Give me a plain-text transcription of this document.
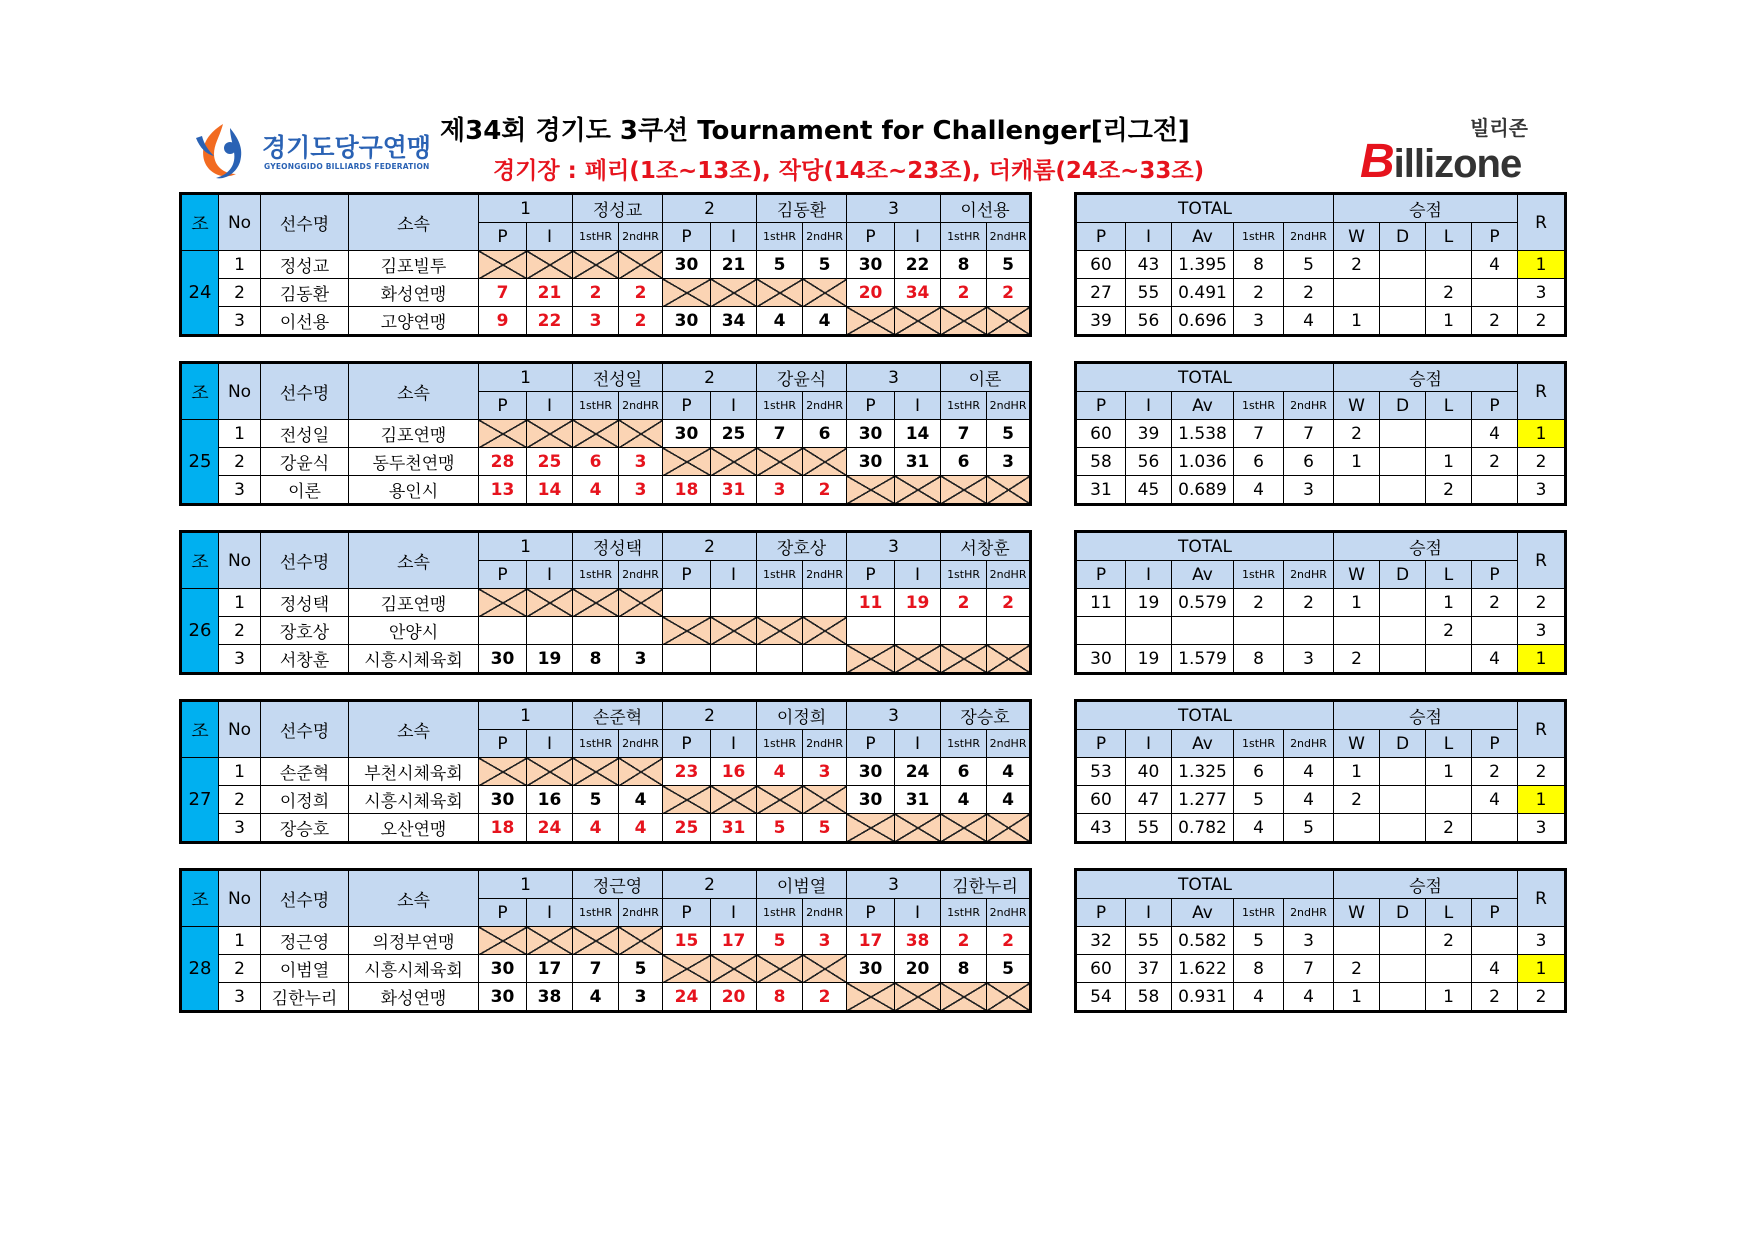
경기도당구연맹
GYEONGGIDO BILLIARDS FEDERATION
제34회 경기도 3쿠션 Tournament for Challenger[리그전]
경기장 : 페리(1조~13조), 작당(14조~23조), 더캐롬(24조~33조)
빌리존
Billizone
조	No	선수명	소속	1		정성교		2		김동환		3		이선용	
				P	I	1stHR	2ndHR	P	I	1stHR	2ndHR	P	I	1stHR	2ndHR
24	1	정성교	김포빌투					30	21	5	5	30	22	8	5
	2	김동환	화성연맹	7	21	2	2					20	34	2	2
	3	이선용	고양연맹	9	22	3	2	30	34	4	4				
TOTAL					승점				R
P	I	Av	1stHR	2ndHR	W	D	L	P	
60	43	1.395	8	5	2			4	1
27	55	0.491	2	2			2		3
39	56	0.696	3	4	1		1	2	2
조	No	선수명	소속	1		전성일		2		강윤식		3		이론	
				P	I	1stHR	2ndHR	P	I	1stHR	2ndHR	P	I	1stHR	2ndHR
25	1	전성일	김포연맹					30	25	7	6	30	14	7	5
	2	강윤식	동두천연맹	28	25	6	3					30	31	6	3
	3	이론	용인시	13	14	4	3	18	31	3	2				
TOTAL					승점				R
P	I	Av	1stHR	2ndHR	W	D	L	P	
60	39	1.538	7	7	2			4	1
58	56	1.036	6	6	1		1	2	2
31	45	0.689	4	3			2		3
조	No	선수명	소속	1		정성택		2		장호상		3		서창훈	
				P	I	1stHR	2ndHR	P	I	1stHR	2ndHR	P	I	1stHR	2ndHR
26	1	정성택	김포연맹									11	19	2	2
	2	장호상	안양시												
	3	서창훈	시흥시체육회	30	19	8	3								
TOTAL					승점				R
P	I	Av	1stHR	2ndHR	W	D	L	P	
11	19	0.579	2	2	1		1	2	2
							2		3
30	19	1.579	8	3	2			4	1
조	No	선수명	소속	1		손준혁		2		이정희		3		장승호	
				P	I	1stHR	2ndHR	P	I	1stHR	2ndHR	P	I	1stHR	2ndHR
27	1	손준혁	부천시체육회					23	16	4	3	30	24	6	4
	2	이정희	시흥시체육회	30	16	5	4					30	31	4	4
	3	장승호	오산연맹	18	24	4	4	25	31	5	5				
TOTAL					승점				R
P	I	Av	1stHR	2ndHR	W	D	L	P	
53	40	1.325	6	4	1		1	2	2
60	47	1.277	5	4	2			4	1
43	55	0.782	4	5			2		3
조	No	선수명	소속	1		정근영		2		이범열		3		김한누리	
				P	I	1stHR	2ndHR	P	I	1stHR	2ndHR	P	I	1stHR	2ndHR
28	1	정근영	의정부연맹					15	17	5	3	17	38	2	2
	2	이범열	시흥시체육회	30	17	7	5					30	20	8	5
	3	김한누리	화성연맹	30	38	4	3	24	20	8	2				
TOTAL					승점				R
P	I	Av	1stHR	2ndHR	W	D	L	P	
32	55	0.582	5	3			2		3
60	37	1.622	8	7	2			4	1
54	58	0.931	4	4	1		1	2	2
